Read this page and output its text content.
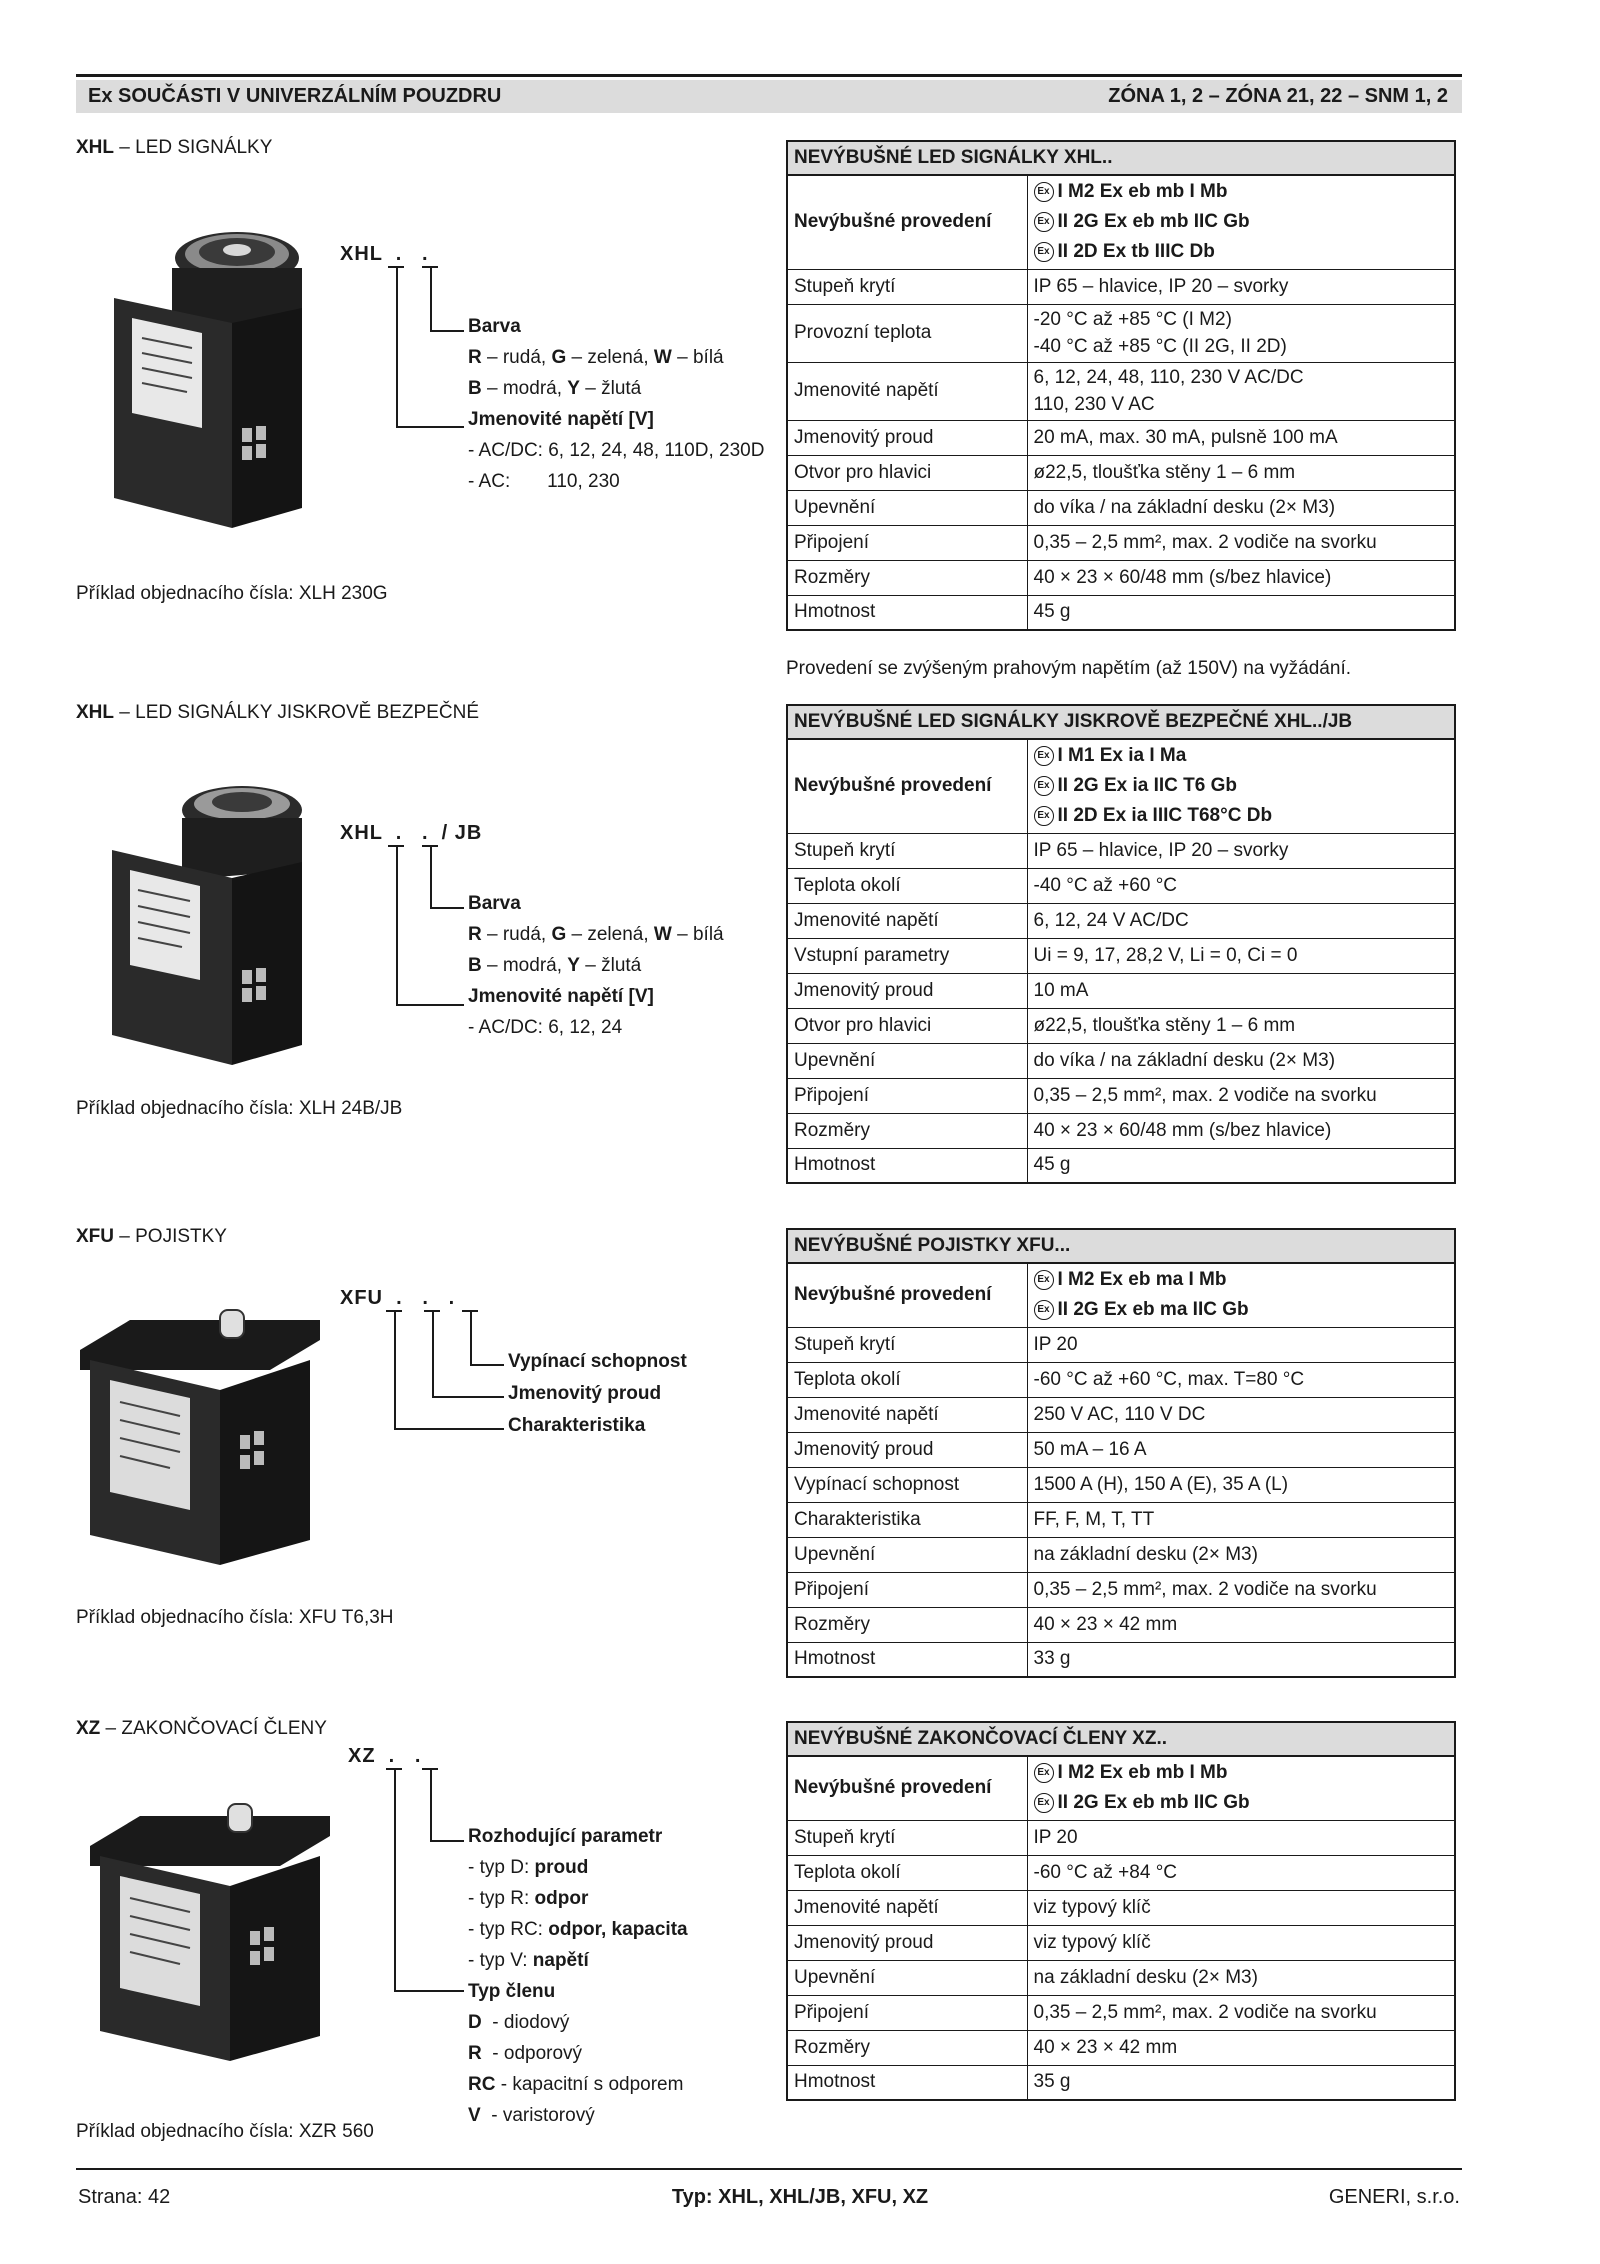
Ex SOUČÁSTI V UNIVERZÁLNÍM POUZDRU	ZÓNA 1, 2 – ZÓNA 21, 22 – SNM 1, 2
XHL – LED SIGNÁLKY
XHL  .   .
Barva
R – rudá, G – zelená, W – bílá
B – modrá, Y – žlutá
Jmenovité napětí [V]
- AC/DC: 6, 12, 24, 48, 110D, 230D
- AC:       110, 230
Příklad objednacího čísla: XLH 230G
NEVÝBUŠNÉ LED SIGNÁLKY XHL..	
Nevýbušné provedení	Ex I M2 Ex eb mb I Mb
Ex II 2G Ex eb mb IIC Gb
Ex II 2D Ex tb IIIC Db

Stupeň krytí	IP 65 – hlavice, IP 20 – svorky
Provozní teplota	-20 °C až +85 °C (I M2)
-40 °C až +85 °C (II 2G, II 2D)

Jmenovité napětí	6, 12, 24, 48, 110, 230 V AC/DC
110, 230 V AC

Jmenovitý proud	20 mA, max. 30 mA, pulsně 100 mA
Otvor pro hlavici	ø22,5, tloušťka stěny 1 – 6 mm
Upevnění	do víka / na základní desku (2× M3)
Připojení	0,35 – 2,5 mm², max. 2 vodiče na svorku
Rozměry	40 × 23 × 60/48 mm (s/bez hlavice)
Hmotnost	45 g
Provedení se zvýšeným prahovým napětím (až 150V) na vyžádání.
XHL – LED SIGNÁLKY JISKROVĚ BEZPEČNÉ
XHL  .   .  / JB
Barva
R – rudá, G – zelená, W – bílá
B – modrá, Y – žlutá
Jmenovité napětí [V]
- AC/DC: 6, 12, 24
Příklad objednacího čísla: XLH 24B/JB
NEVÝBUŠNÉ LED SIGNÁLKY JISKROVĚ BEZPEČNÉ XHL../JB	
Nevýbušné provedení	Ex I M1 Ex ia I Ma
Ex II 2G Ex ia IIC T6 Gb
Ex II 2D Ex ia IIIC T68°C Db

Stupeň krytí	IP 65 – hlavice, IP 20 – svorky
Teplota okolí	-40 °C až +60 °C
Jmenovité napětí	6, 12, 24 V AC/DC
Vstupní parametry	Ui = 9, 17, 28,2 V, Li = 0, Ci = 0
Jmenovitý proud	10 mA
Otvor pro hlavici	ø22,5, tloušťka stěny 1 – 6 mm
Upevnění	do víka / na základní desku (2× M3)
Připojení	0,35 – 2,5 mm², max. 2 vodiče na svorku
Rozměry	40 × 23 × 60/48 mm (s/bez hlavice)
Hmotnost	45 g
XFU – POJISTKY
XFU  .   .   .
Vypínací schopnost
Jmenovitý proud
Charakteristika
Příklad objednacího čísla: XFU T6,3H
NEVÝBUŠNÉ POJISTKY XFU...	
Nevýbušné provedení	Ex I M2 Ex eb ma I Mb
Ex II 2G Ex eb ma IIC Gb

Stupeň krytí	IP 20
Teplota okolí	-60 °C až +60 °C, max. T=80 °C
Jmenovité napětí	250 V AC, 110 V DC
Jmenovitý proud	50 mA – 16 A
Vypínací schopnost	1500 A (H), 150 A (E), 35 A (L)
Charakteristika	FF, F, M, T, TT
Upevnění	na základní desku (2× M3)
Připojení	0,35 – 2,5 mm², max. 2 vodiče na svorku
Rozměry	40 × 23 × 42 mm
Hmotnost	33 g
XZ – ZAKONČOVACÍ ČLENY
XZ  .   .
Rozhodující parametr
- typ D: proud
- typ R: odpor
- typ RC: odpor, kapacita
- typ V: napětí
Typ členu
D  - diodový
R  - odporový
RC - kapacitní s odporem
V  - varistorový
Příklad objednacího čísla: XZR 560
NEVÝBUŠNÉ ZAKONČOVACÍ ČLENY XZ..	
Nevýbušné provedení	Ex I M2 Ex eb mb I Mb
Ex II 2G Ex eb mb IIC Gb

Stupeň krytí	IP 20
Teplota okolí	-60 °C až +84 °C
Jmenovité napětí	viz typový klíč
Jmenovitý proud	viz typový klíč
Upevnění	na základní desku (2× M3)
Připojení	0,35 – 2,5 mm², max. 2 vodiče na svorku
Rozměry	40 × 23 × 42 mm
Hmotnost	35 g
Strana: 42	Typ: XHL, XHL/JB, XFU, XZ	GENERI, s.r.o.
